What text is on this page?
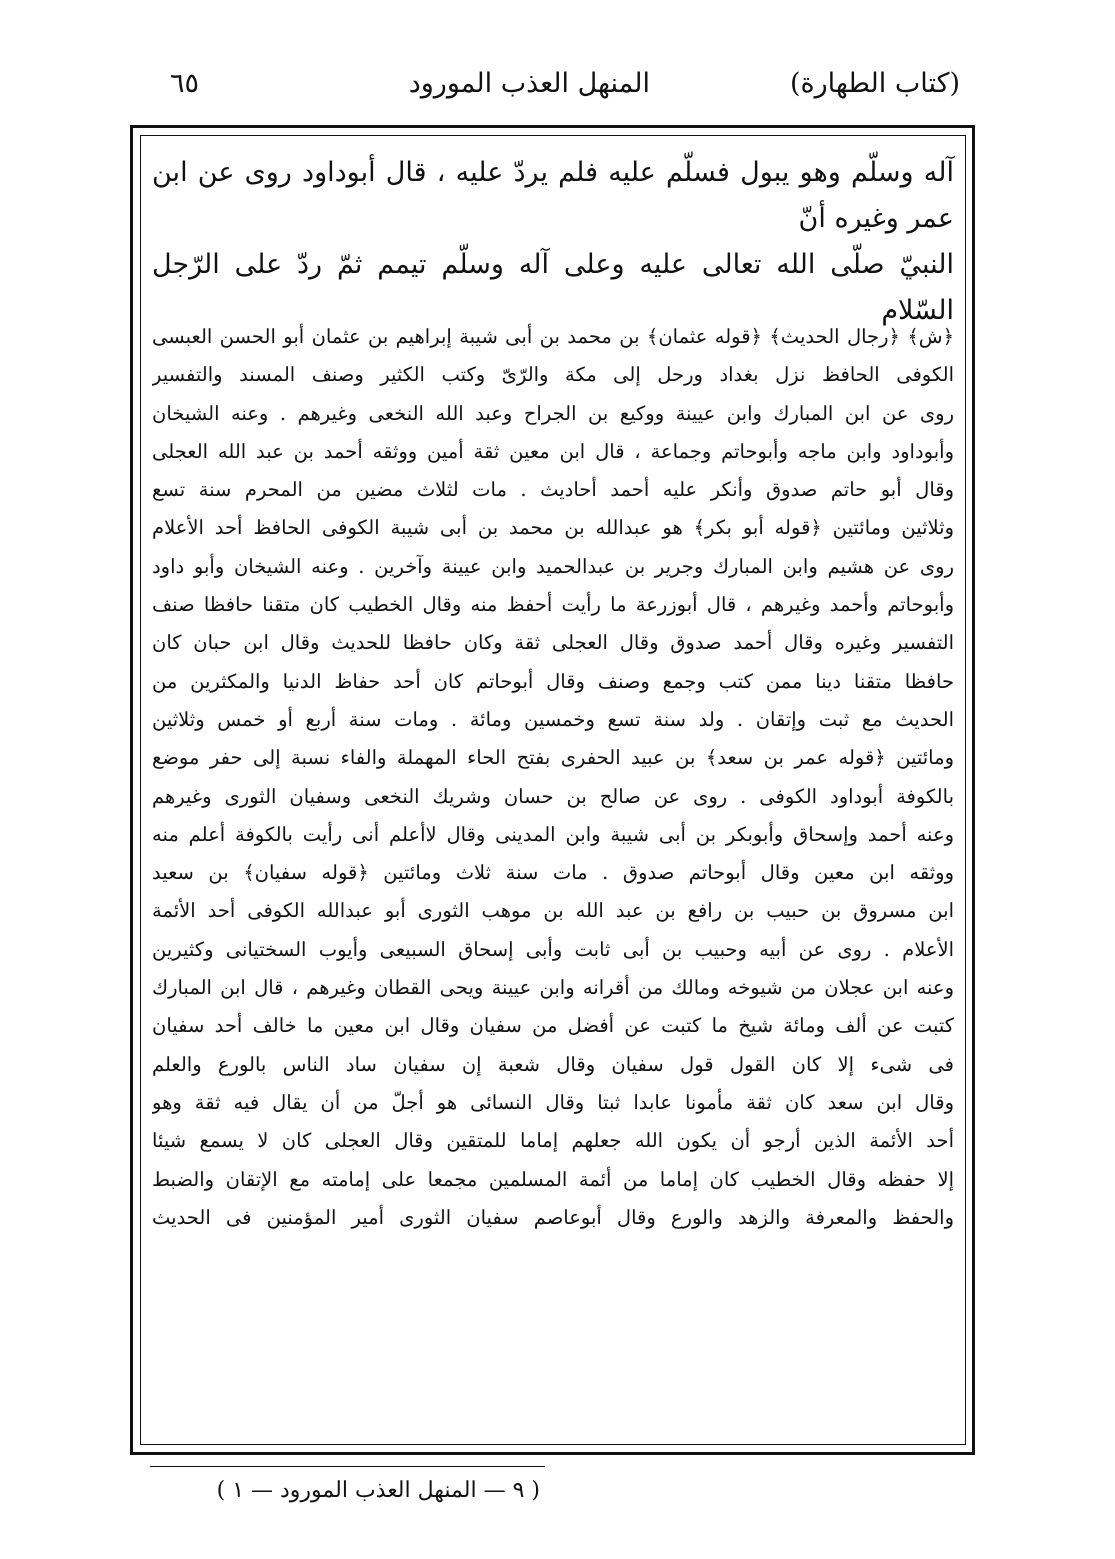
(كتاب الطهارة)
المنهل العذب المورود
٦٥

آله وسلّم وهو يبول فسلّم عليه فلم يردّ عليه ، قال أبوداود روى عن ابن عمر وغيره أنّ

النبيّ صلّى الله تعالى عليه وعلى آله وسلّم تيمم ثمّ ردّ على الرّجل السّلام

﴿ش﴾ ﴿رجال الحديث﴾ ﴿قوله عثمان﴾ بن محمد بن أبى شيبة إبراهيم بن عثمان أبو الحسن العبسى

الكوفى الحافظ نزل بغداد ورحل إلى مكة والرّىّ وكتب الكثير وصنف المسند والتفسير

روى عن ابن المبارك وابن عيينة ووكيع بن الجراح وعبد الله النخعى وغيرهم . وعنه الشيخان

وأبوداود وابن ماجه وأبوحاتم وجماعة ، قال ابن معين ثقة أمين ووثقه أحمد بن عبد الله العجلى

وقال أبو حاتم صدوق وأنكر عليه أحمد أحاديث . مات لثلاث مضين من المحرم سنة تسع

وثلاثين ومائتين ﴿قوله أبو بكر﴾ هو عبدالله بن محمد بن أبى شيبة الكوفى الحافظ أحد الأعلام

روى عن هشيم وابن المبارك وجرير بن عبدالحميد وابن عيينة وآخرين . وعنه الشيخان وأبو داود

وأبوحاتم وأحمد وغيرهم ، قال أبوزرعة ما رأيت أحفظ منه وقال الخطيب كان متقنا حافظا صنف

التفسير وغيره وقال أحمد صدوق وقال العجلى ثقة وكان حافظا للحديث وقال ابن حبان كان

حافظا متقنا دينا ممن كتب وجمع وصنف وقال أبوحاتم كان أحد حفاظ الدنيا والمكثرين من

الحديث مع ثبت وإتقان . ولد سنة تسع وخمسين ومائة . ومات سنة أربع أو خمس وثلاثين

ومائتين ﴿قوله عمر بن سعد﴾ بن عبيد الحفرى بفتح الحاء المهملة والفاء نسبة إلى حفر موضع

بالكوفة أبوداود الكوفى . روى عن صالح بن حسان وشريك النخعى وسفيان الثورى وغيرهم

وعنه أحمد وإسحاق وأبوبكر بن أبى شيبة وابن المدينى وقال لاأعلم أنى رأيت بالكوفة أعلم منه

ووثقه ابن معين وقال أبوحاتم صدوق . مات سنة ثلاث ومائتين ﴿قوله سفيان﴾ بن سعيد

ابن مسروق بن حبيب بن رافع بن عبد الله بن موهب الثورى أبو عبدالله الكوفى أحد الأئمة

الأعلام . روى عن أبيه وحبيب بن أبى ثابت وأبى إسحاق السبيعى وأيوب السختيانى وكثيرين

وعنه ابن عجلان من شيوخه ومالك من أقرانه وابن عيينة ويحى القطان وغيرهم ، قال ابن المبارك

كتبت عن ألف ومائة شيخ ما كتبت عن أفضل من سفيان وقال ابن معين ما خالف أحد سفيان

فى شىء إلا كان القول قول سفيان وقال شعبة إن سفيان ساد الناس بالورع والعلم

وقال ابن سعد كان ثقة مأمونا عابدا ثبتا وقال النسائى هو أجلّ من أن يقال فيه ثقة وهو

أحد الأئمة الذين أرجو أن يكون الله جعلهم إماما للمتقين وقال العجلى كان لا يسمع شيئا

إلا حفظه وقال الخطيب كان إماما من أئمة المسلمين مجمعا على إمامته مع الإتقان والضبط

والحفظ والمعرفة والزهد والورع وقال أبوعاصم سفيان الثورى أمير المؤمنين فى الحديث

( ٩ — المنهل العذب المورود — ١ )
